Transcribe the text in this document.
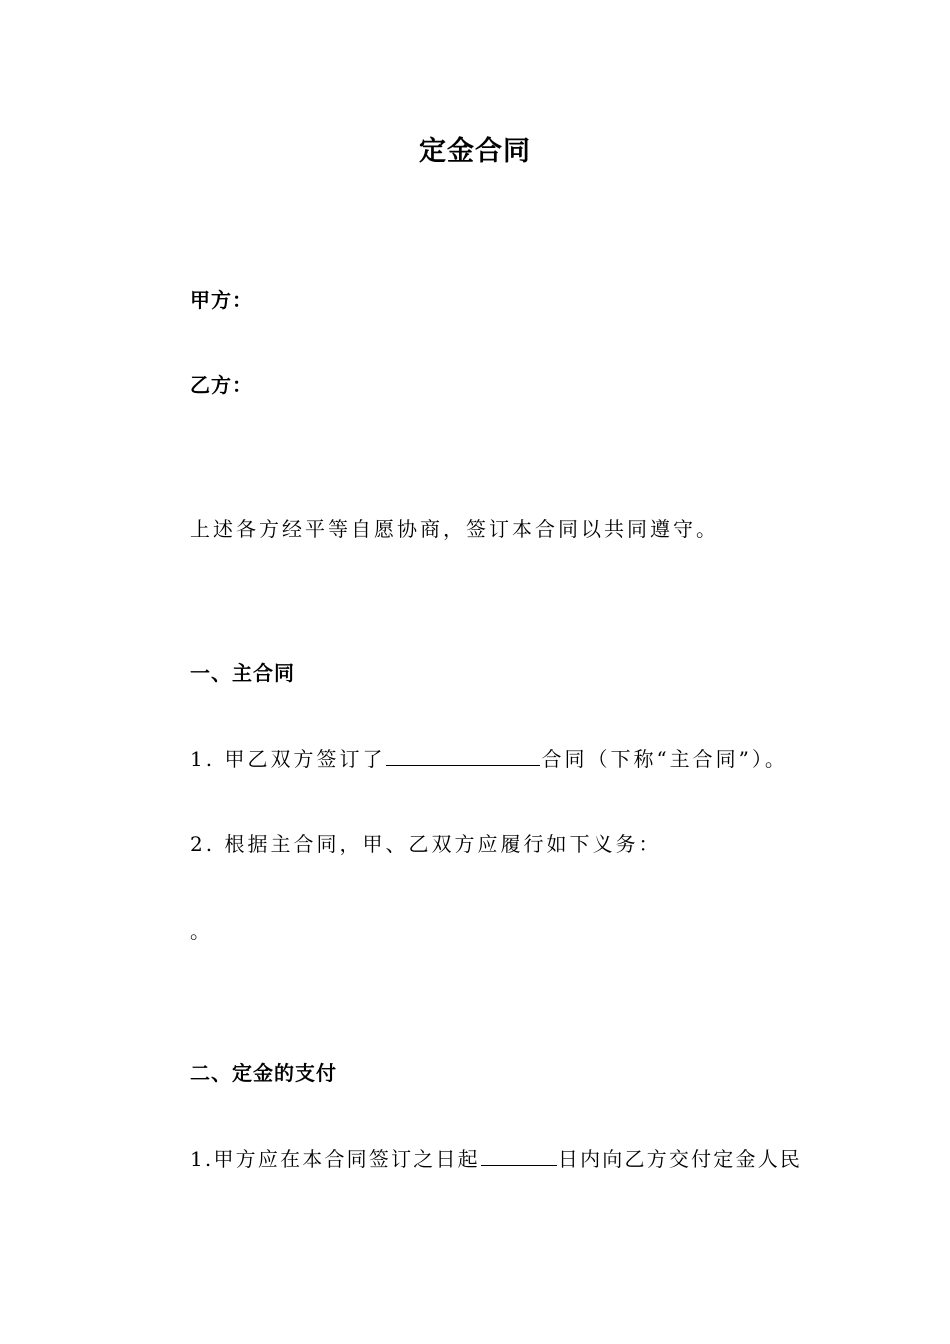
定金合同
甲方：
乙方：
上述各方经平等自愿协商，签订本合同以共同遵守。
一、主合同
1. 甲乙双方签订了	合同（下称“主合同”）。
2. 根据主合同，甲、乙双方应履行如下义务：
。
二、定金的支付
1.甲方应在本合同签订之日起	日内向乙方交付定金人民
